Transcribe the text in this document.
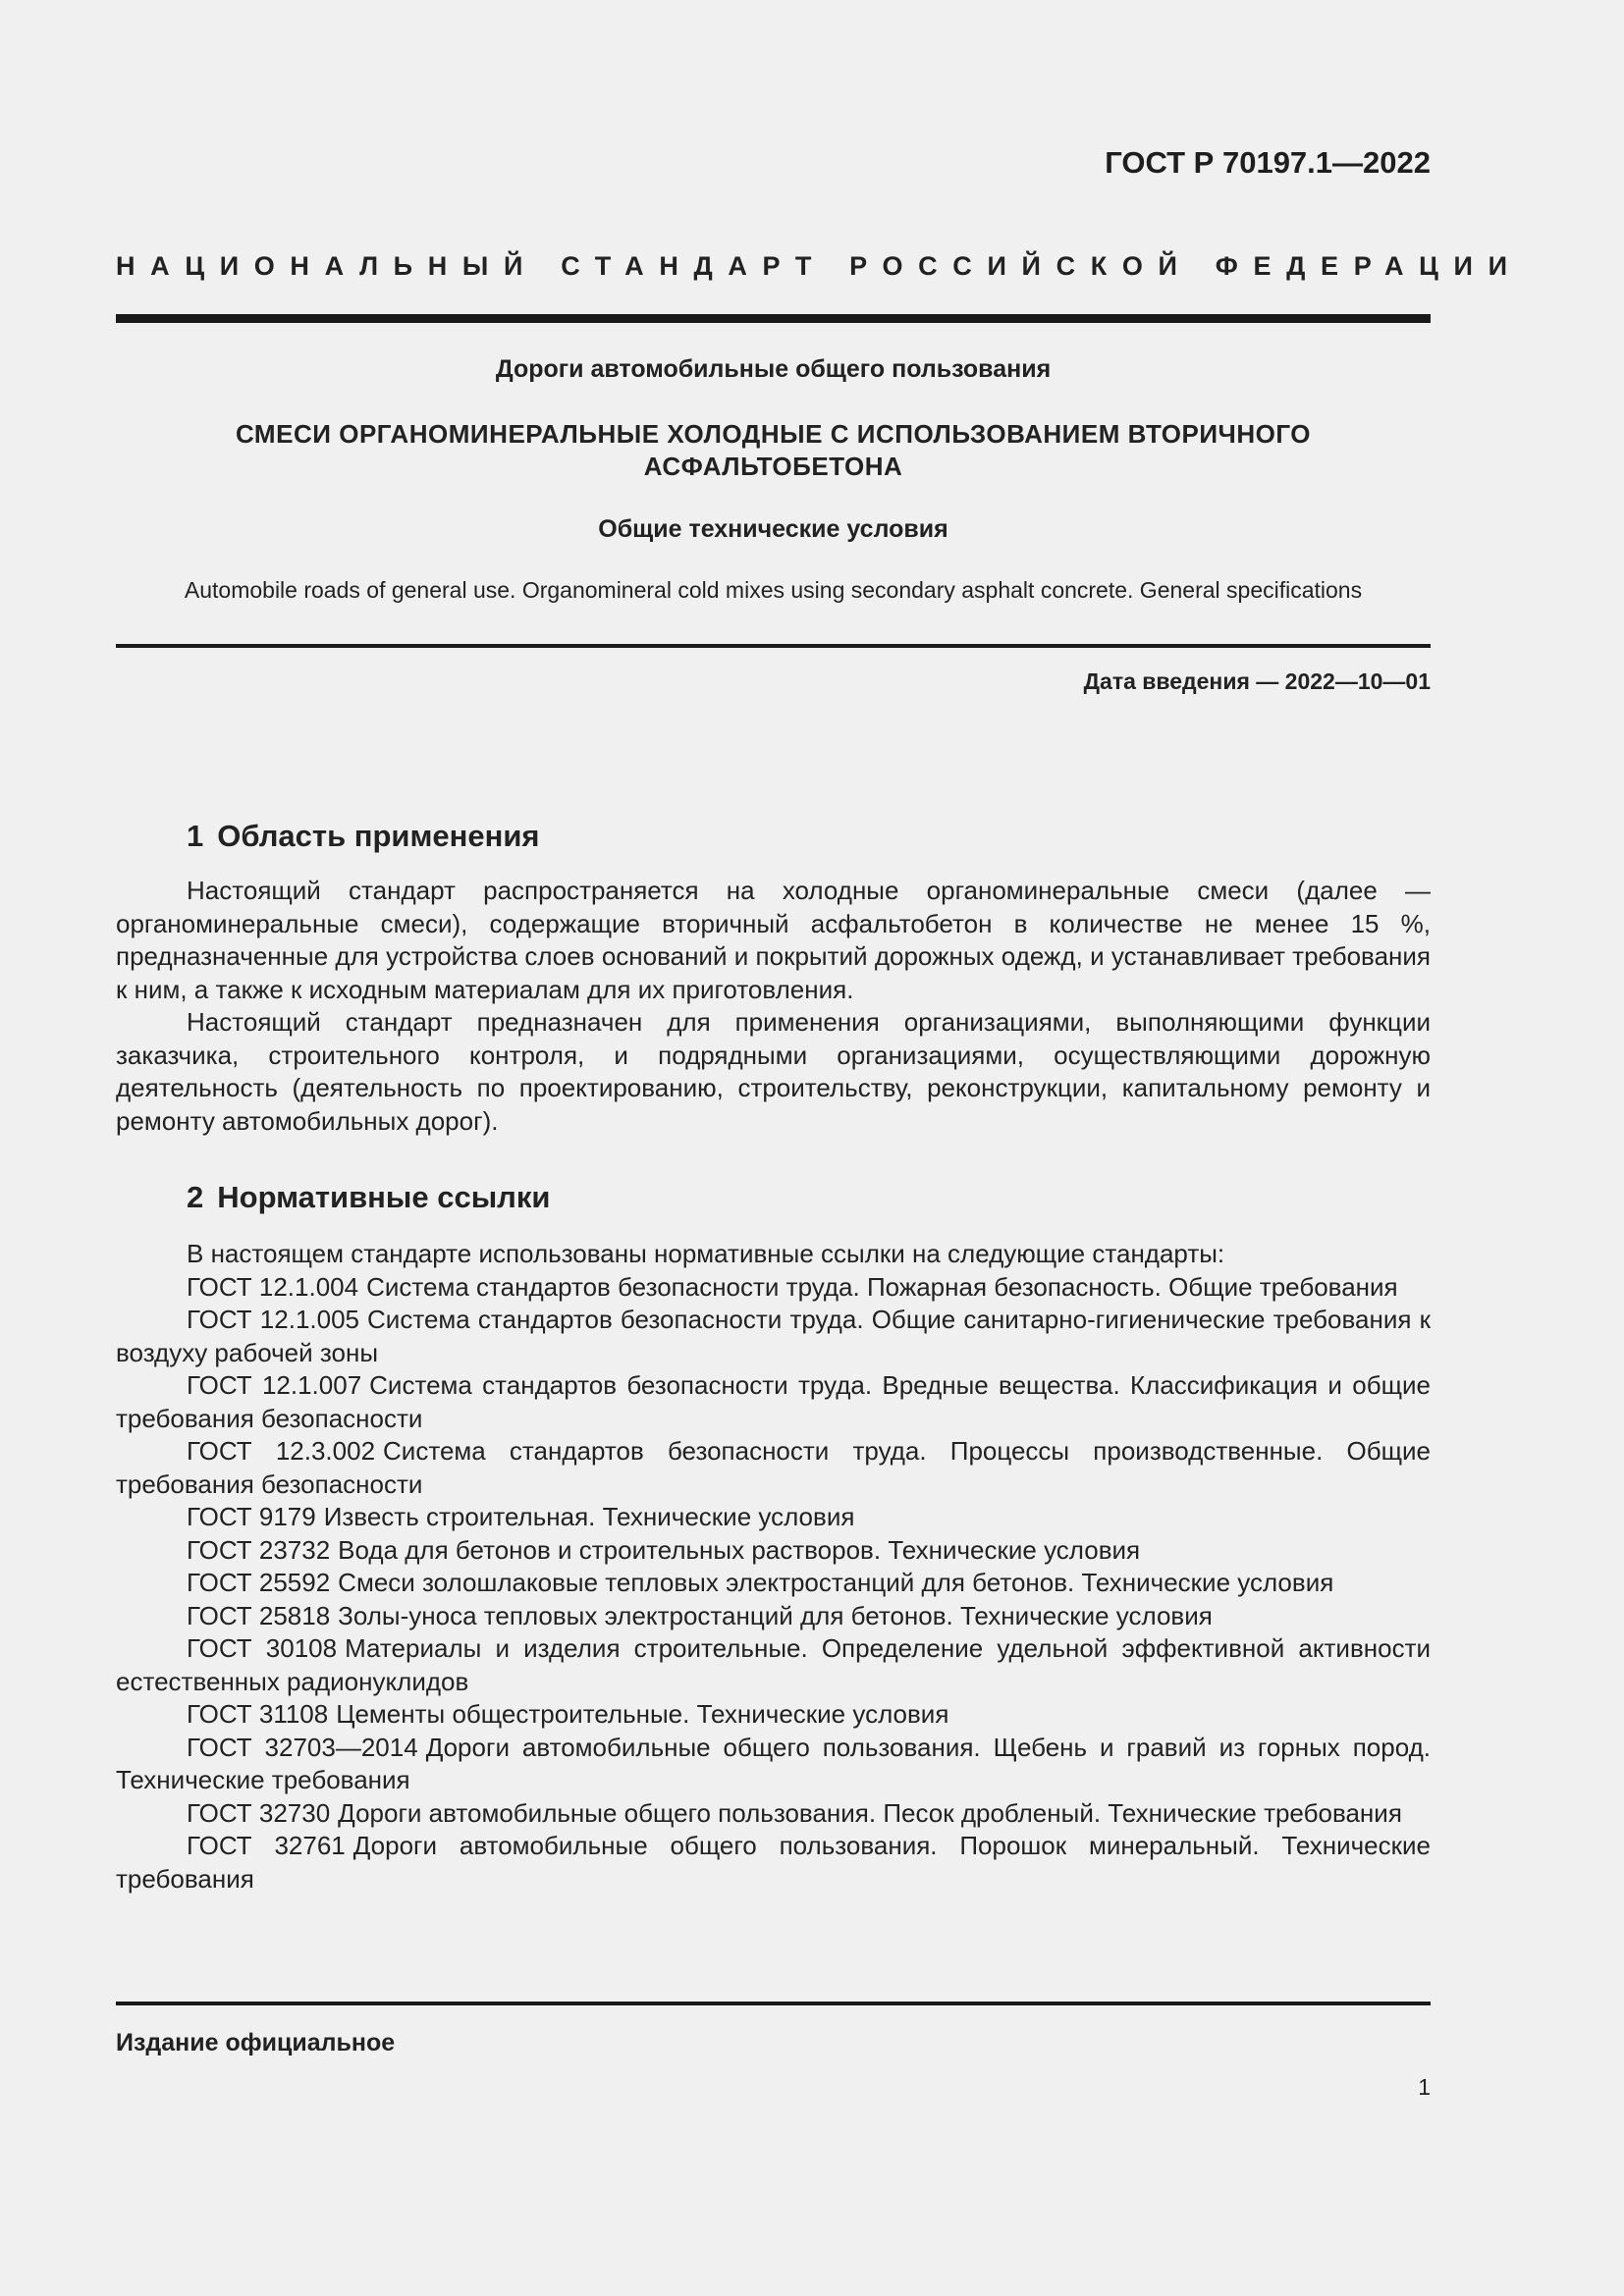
ГОСТ Р 70197.1—2022
НАЦИОНАЛЬНЫЙ СТАНДАРТ РОССИЙСКОЙ ФЕДЕРАЦИИ
Дороги автомобильные общего пользования
СМЕСИ ОРГАНОМИНЕРАЛЬНЫЕ ХОЛОДНЫЕ С ИСПОЛЬЗОВАНИЕМ ВТОРИЧНОГО
АСФАЛЬТОБЕТОНА
Общие технические условия
Automobile roads of general use. Organomineral cold mixes using secondary asphalt concrete. General specifications
Дата введения — 2022—10—01
1 Область применения

Настоящий стандарт распространяется на холодные органоминеральные смеси (далее — органоминеральные смеси), содержащие вторичный асфальтобетон в количестве не менее 15 %, предназначенные для устройства слоев оснований и покрытий дорожных одежд, и устанавливает требования к ним, а также к исходным материалам для их приготовления.

Настоящий стандарт предназначен для применения организациями, выполняющими функции заказчика, строительного контроля, и подрядными организациями, осуществляющими дорожную деятельность (деятельность по проектированию, строительству, реконструкции, капитальному ремонту и ремонту автомобильных дорог).

2 Нормативные ссылки

В настоящем стандарте использованы нормативные ссылки на следующие стандарты:

ГОСТ 12.1.004 Система стандартов безопасности труда. Пожарная безопасность. Общие требования

ГОСТ 12.1.005 Система стандартов безопасности труда. Общие санитарно-гигиенические требования к воздуху рабочей зоны

ГОСТ 12.1.007 Система стандартов безопасности труда. Вредные вещества. Классификация и общие требования безопасности

ГОСТ 12.3.002 Система стандартов безопасности труда. Процессы производственные. Общие требования безопасности

ГОСТ 9179 Известь строительная. Технические условия

ГОСТ 23732 Вода для бетонов и строительных растворов. Технические условия

ГОСТ 25592 Смеси золошлаковые тепловых электростанций для бетонов. Технические условия

ГОСТ 25818 Золы-уноса тепловых электростанций для бетонов. Технические условия

ГОСТ 30108 Материалы и изделия строительные. Определение удельной эффективной активности естественных радионуклидов

ГОСТ 31108 Цементы общестроительные. Технические условия

ГОСТ 32703—2014 Дороги автомобильные общего пользования. Щебень и гравий из горных пород. Технические требования

ГОСТ 32730 Дороги автомобильные общего пользования. Песок дробленый. Технические требования

ГОСТ 32761 Дороги автомобильные общего пользования. Порошок минеральный. Технические требования

Издание официальное
1
